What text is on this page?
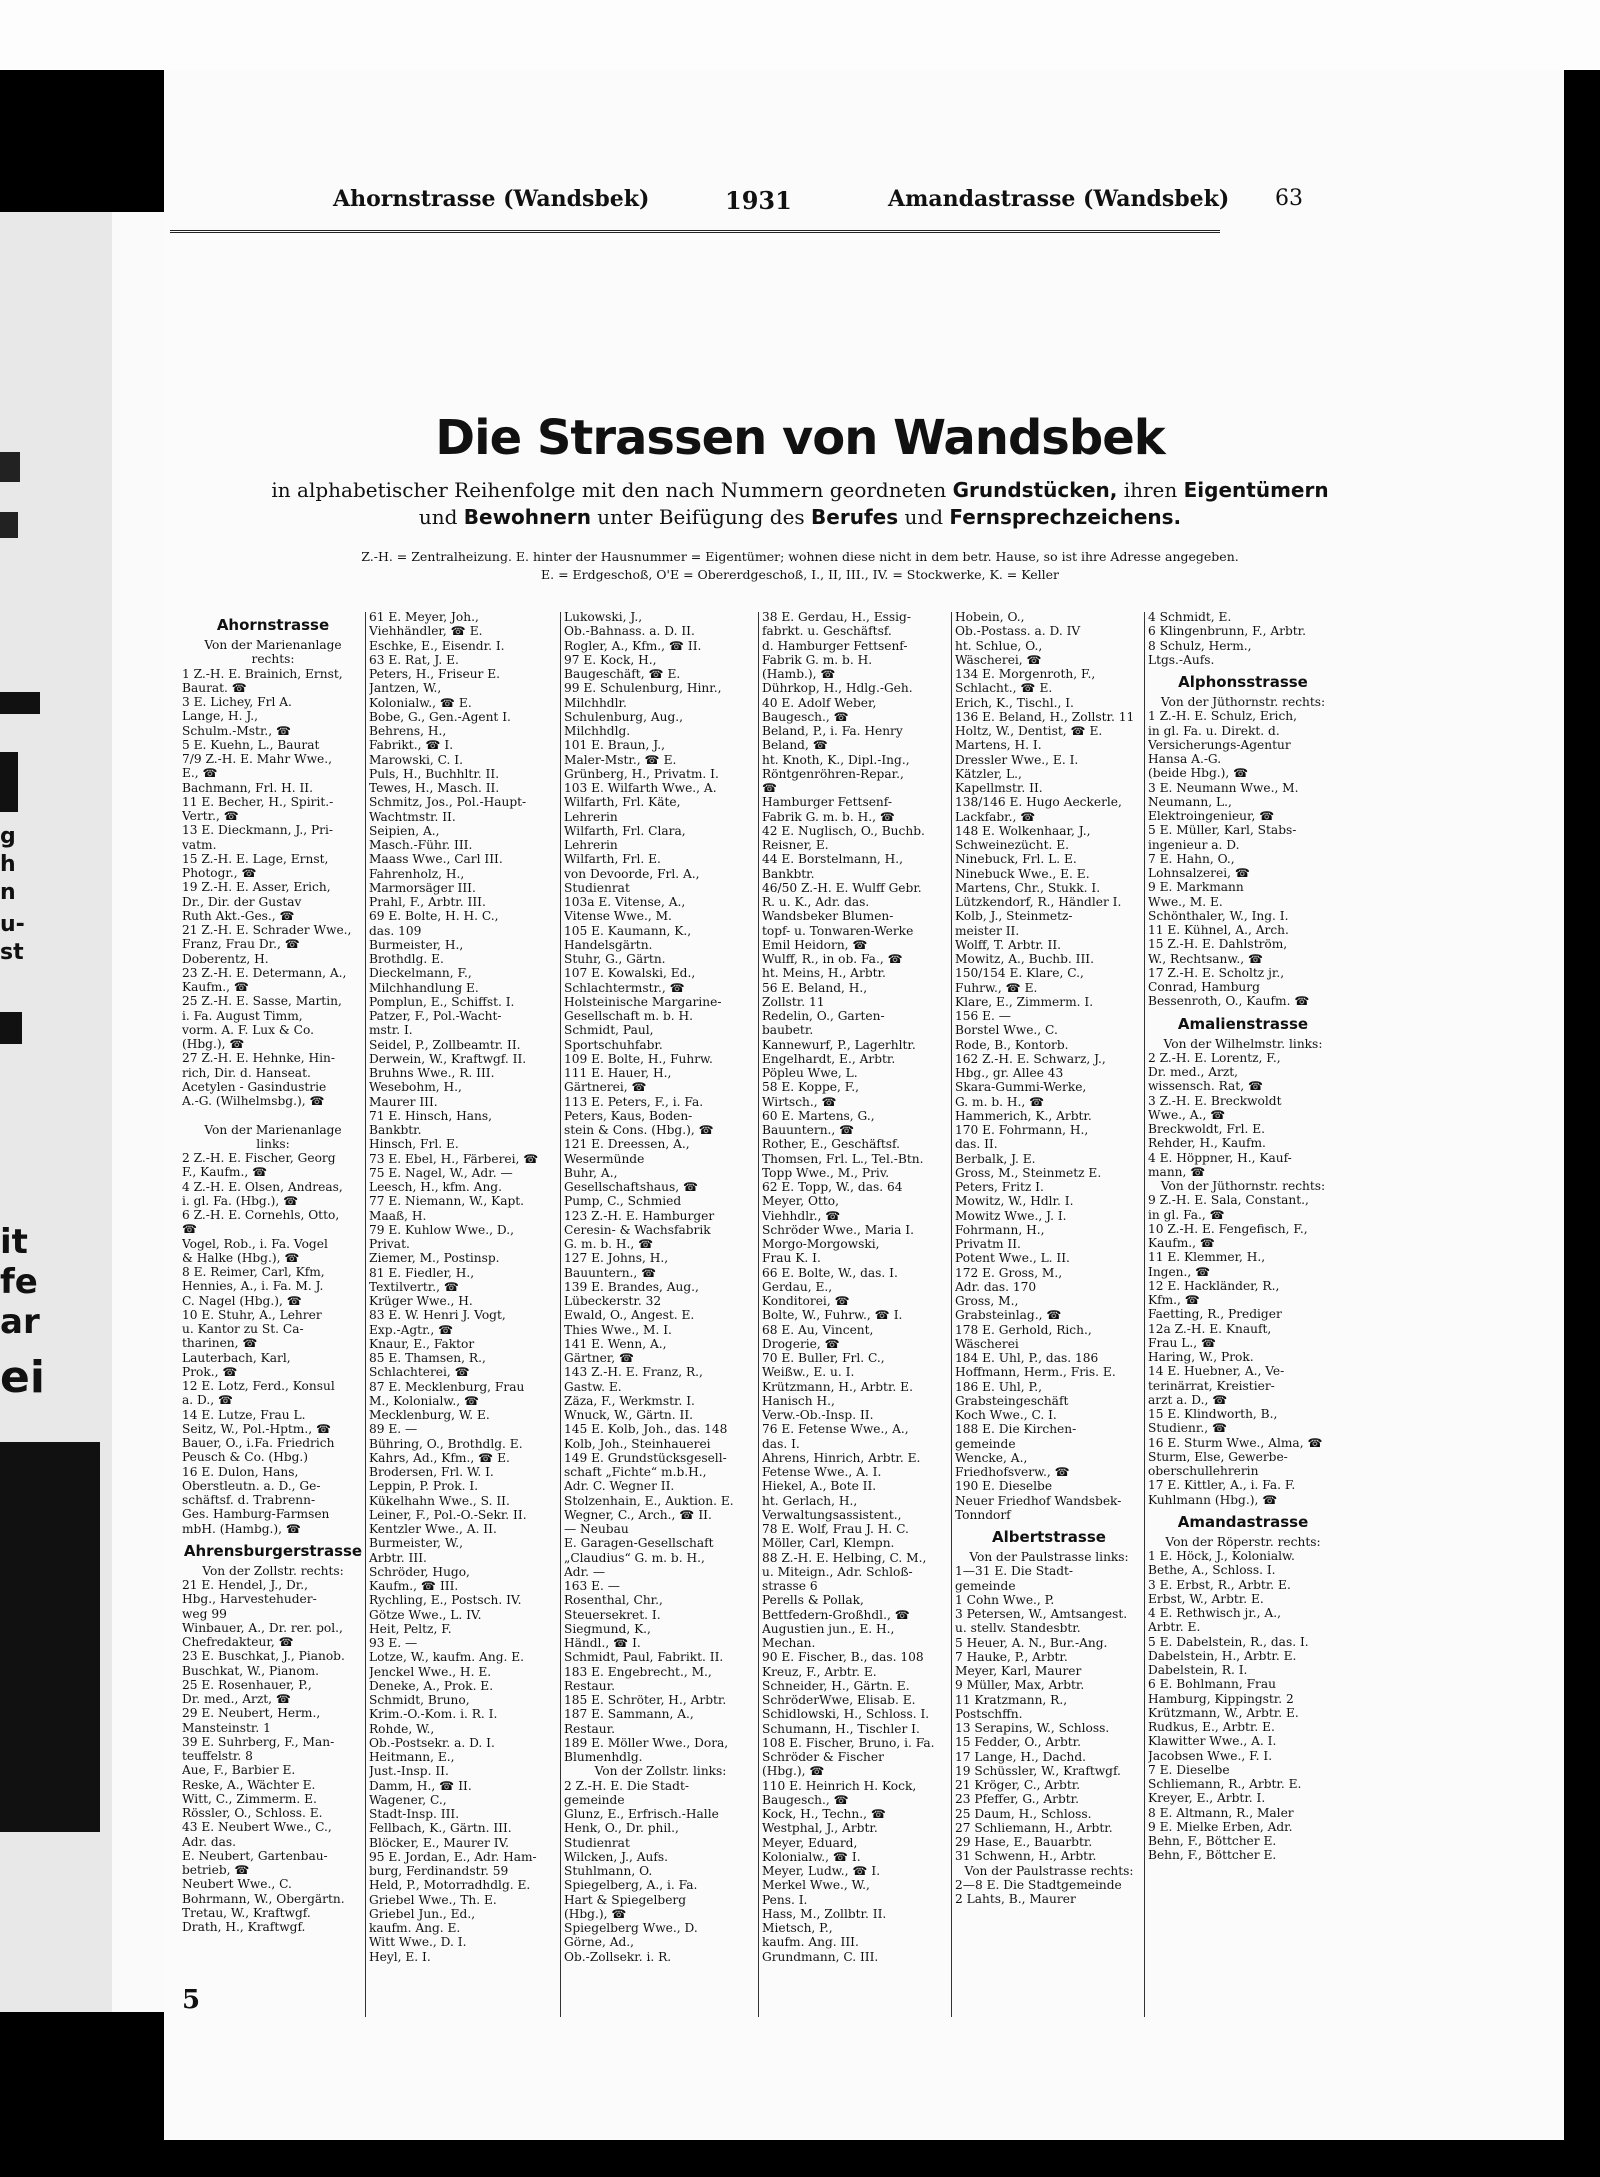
it
fe
ar
ei
g
h
n
u-
st
Ahornstrasse (Wandsbek)	1931	Amandastrasse (Wandsbek) 63
Die Strassen von Wandsbek
in alphabetischer Reihenfolge mit den nach Nummern geordneten Grundstücken, ihren Eigentümern
und Bewohnern unter Beifügung des Berufes und Fernsprechzeichens.
Z.-H. = Zentralheizung. E. hinter der Hausnummer = Eigentümer; wohnen diese nicht in dem betr. Hause, so ist ihre Adresse angegeben.
E. = Erdgeschoß, O'E = Obererdgeschoß, I., II, III., IV. = Stockwerke, K. = Keller
Ahornstrasse
Von der Marienanlage
rechts:
1 Z.-H. E. Brainich, Ernst,
Baurat. ☎
3 E. Lichey, Frl A.
Lange, H. J.,
Schulm.-Mstr., ☎
5 E. Kuehn, L., Baurat
7/9 Z.-H. E. Mahr Wwe.,
E., ☎
Bachmann, Frl. H. II.
11 E. Becher, H., Spirit.-
Vertr., ☎
13 E. Dieckmann, J., Pri-
vatm.
15 Z.-H. E. Lage, Ernst,
Photogr., ☎
19 Z.-H. E. Asser, Erich,
Dr., Dir. der Gustav
Ruth Akt.-Ges., ☎
21 Z.-H. E. Schrader Wwe.,
Franz, Frau Dr., ☎
Doberentz, H.
23 Z.-H. E. Determann, A.,
Kaufm., ☎
25 Z.-H. E. Sasse, Martin,
i. Fa. August Timm,
vorm. A. F. Lux & Co.
(Hbg.), ☎
27 Z.-H. E. Hehnke, Hin-
rich, Dir. d. Hanseat.
Acetylen - Gasindustrie
A.-G. (Wilhelmsbg.), ☎

Von der Marienanlage
links:
2 Z.-H. E. Fischer, Georg
F., Kaufm., ☎
4 Z.-H. E. Olsen, Andreas,
i. gl. Fa. (Hbg.), ☎
6 Z.-H. E. Cornehls, Otto,
☎
Vogel, Rob., i. Fa. Vogel
& Halke (Hbg.), ☎
8 E. Reimer, Carl, Kfm,
Hennies, A., i. Fa. M. J.
C. Nagel (Hbg.), ☎
10 E. Stuhr, A., Lehrer
u. Kantor zu St. Ca-
tharinen, ☎
Lauterbach, Karl,
Prok., ☎
12 E. Lotz, Ferd., Konsul
a. D., ☎
14 E. Lutze, Frau L.
Seitz, W., Pol.-Hptm., ☎
Bauer, O., i.Fa. Friedrich
Peusch & Co. (Hbg.)
16 E. Dulon, Hans,
Oberstleutn. a. D., Ge-
schäftsf. d. Trabrenn-
Ges. Hamburg-Farmsen
mbH. (Hambg.), ☎
Ahrensburgerstrasse
Von der Zollstr. rechts:
21 E. Hendel, J., Dr.,
Hbg., Harvestehuder-
weg 99
Winbauer, A., Dr. rer. pol.,
Chefredakteur, ☎
23 E. Buschkat, J., Pianob.
Buschkat, W., Pianom.
25 E. Rosenhauer, P.,
Dr. med., Arzt, ☎
29 E. Neubert, Herm.,
Mansteinstr. 1
39 E. Suhrberg, F., Man-
teuffelstr. 8
Aue, F., Barbier E.
Reske, A., Wächter E.
Witt, C., Zimmerm. E.
Rössler, O., Schloss. E.
43 E. Neubert Wwe., C.,
Adr. das.
E. Neubert, Gartenbau-
betrieb, ☎
Neubert Wwe., C.
Bohrmann, W., Obergärtn.
Tretau, W., Kraftwgf.
Drath, H., Kraftwgf.
61 E. Meyer, Joh.,
Viehhändler, ☎ E.
Eschke, E., Eisendr. I.
63 E. Rat, J. E.
Peters, H., Friseur E.
Jantzen, W.,
Kolonialw., ☎ E.
Bobe, G., Gen.-Agent I.
Behrens, H.,
Fabrikt., ☎ I.
Marowski, C. I.
Puls, H., Buchhltr. II.
Tewes, H., Masch. II.
Schmitz, Jos., Pol.-Haupt-
Wachtmstr. II.
Seipien, A.,
Masch.-Führ. III.
Maass Wwe., Carl III.
Fahrenholz, H.,
Marmorsäger III.
Prahl, F., Arbtr. III.
69 E. Bolte, H. H. C.,
das. 109
Burmeister, H.,
Brothdlg. E.
Dieckelmann, F.,
Milchhandlung E.
Pomplun, E., Schiffst. I.
Patzer, F., Pol.-Wacht-
mstr. I.
Seidel, P., Zollbeamtr. II.
Derwein, W., Kraftwgf. II.
Bruhns Wwe., R. III.
Wesebohm, H.,
Maurer III.
71 E. Hinsch, Hans,
Bankbtr.
Hinsch, Frl. E.
73 E. Ebel, H., Färberei, ☎
75 E. Nagel, W., Adr. —
Leesch, H., kfm. Ang.
77 E. Niemann, W., Kapt.
Maaß, H.
79 E. Kuhlow Wwe., D.,
Privat.
Ziemer, M., Postinsp.
81 E. Fiedler, H.,
Textilvertr., ☎
Krüger Wwe., H.
83 E. W. Henri J. Vogt,
Exp.-Agtr., ☎
Knaur, E., Faktor
85 E. Thamsen, R.,
Schlachterei, ☎
87 E. Mecklenburg, Frau
M., Kolonialw., ☎
Mecklenburg, W. E.
89 E. —
Bühring, O., Brothdlg. E.
Kahrs, Ad., Kfm., ☎ E.
Brodersen, Frl. W. I.
Leppin, P. Prok. I.
Kükelhahn Wwe., S. II.
Leiner, F., Pol.-O.-Sekr. II.
Kentzler Wwe., A. II.
Burmeister, W.,
Arbtr. III.
Schröder, Hugo,
Kaufm., ☎ III.
Rychling, E., Postsch. IV.
Götze Wwe., L. IV.
Heit, Peltz, F.
93 E. —
Lotze, W., kaufm. Ang. E.
Jenckel Wwe., H. E.
Deneke, A., Prok. E.
Schmidt, Bruno,
Krim.-O.-Kom. i. R. I.
Rohde, W.,
Ob.-Postsekr. a. D. I.
Heitmann, E.,
Just.-Insp. II.
Damm, H., ☎ II.
Wagener, C.,
Stadt-Insp. III.
Fellbach, K., Gärtn. III.
Blöcker, E., Maurer IV.
95 E. Jordan, E., Adr. Ham-
burg, Ferdinandstr. 59
Held, P., Motorradhdlg. E.
Griebel Wwe., Th. E.
Griebel Jun., Ed.,
kaufm. Ang. E.
Witt Wwe., D. I.
Heyl, E. I.
Lukowski, J.,
Ob.-Bahnass. a. D. II.
Rogler, A., Kfm., ☎ II.
97 E. Kock, H.,
Baugeschäft, ☎ E.
99 E. Schulenburg, Hinr.,
Milchhdlr.
Schulenburg, Aug.,
Milchhdlg.
101 E. Braun, J.,
Maler-Mstr., ☎ E.
Grünberg, H., Privatm. I.
103 E. Wilfarth Wwe., A.
Wilfarth, Frl. Käte,
Lehrerin
Wilfarth, Frl. Clara,
Lehrerin
Wilfarth, Frl. E.
von Devoorde, Frl. A.,
Studienrat
103a E. Vitense, A.,
Vitense Wwe., M.
105 E. Kaumann, K.,
Handelsgärtn.
Stuhr, G., Gärtn.
107 E. Kowalski, Ed.,
Schlachtermstr., ☎
Holsteinische Margarine-
Gesellschaft m. b. H.
Schmidt, Paul,
Sportschuhfabr.
109 E. Bolte, H., Fuhrw.
111 E. Hauer, H.,
Gärtnerei, ☎
113 E. Peters, F., i. Fa.
Peters, Kaus, Boden-
stein & Cons. (Hbg.), ☎
121 E. Dreessen, A.,
Wesermünde
Buhr, A.,
Gesellschaftshaus, ☎
Pump, C., Schmied
123 Z.-H. E. Hamburger
Ceresin- & Wachsfabrik
G. m. b. H., ☎
127 E. Johns, H.,
Bauuntern., ☎
139 E. Brandes, Aug.,
Lübeckerstr. 32
Ewald, O., Angest. E.
Thies Wwe., M. I.
141 E. Wenn, A.,
Gärtner, ☎
143 Z.-H. E. Franz, R.,
Gastw. E.
Zäza, F., Werkmstr. I.
Wnuck, W., Gärtn. II.
145 E. Kolb, Joh., das. 148
Kolb, Joh., Steinhauerei
149 E. Grundstücksgesell-
schaft „Fichte“ m.b.H.,
Adr. C. Wegner II.
Stolzenhain, E., Auktion. E.
Wegner, C., Arch., ☎ II.
— Neubau
E. Garagen-Gesellschaft
„Claudius“ G. m. b. H.,
Adr. —
163 E. —
Rosenthal, Chr.,
Steuersekret. I.
Siegmund, K.,
Händl., ☎ I.
Schmidt, Paul, Fabrikt. II.
183 E. Engebrecht., M.,
Restaur.
185 E. Schröter, H., Arbtr.
187 E. Sammann, A.,
Restaur.
189 E. Möller Wwe., Dora,
Blumenhdlg.
Von der Zollstr. links:
2 Z.-H. E. Die Stadt-
gemeinde
Glunz, E., Erfrisch.-Halle
Henk, O., Dr. phil.,
Studienrat
Wilcken, J., Aufs.
Stuhlmann, O.
Spiegelberg, A., i. Fa.
Hart & Spiegelberg
(Hbg.), ☎
Spiegelberg Wwe., D.
Görne, Ad.,
Ob.-Zollsekr. i. R.
38 E. Gerdau, H., Essig-
fabrkt. u. Geschäftsf.
d. Hamburger Fettsenf-
Fabrik G. m. b. H.
(Hamb.), ☎
Dührkop, H., Hdlg.-Geh.
40 E. Adolf Weber,
Baugesch., ☎
Beland, P., i. Fa. Henry
Beland, ☎
ht. Knoth, K., Dipl.-Ing.,
Röntgenröhren-Repar.,
☎
Hamburger Fettsenf-
Fabrik G. m. b. H., ☎
42 E. Nuglisch, O., Buchb.
Reisner, E.
44 E. Borstelmann, H.,
Bankbtr.
46/50 Z.-H. E. Wulff Gebr.
R. u. K., Adr. das.
Wandsbeker Blumen-
topf- u. Tonwaren-Werke
Emil Heidorn, ☎
Wulff, R., in ob. Fa., ☎
ht. Meins, H., Arbtr.
56 E. Beland, H.,
Zollstr. 11
Redelin, O., Garten-
baubetr.
Kannewurf, P., Lagerhltr.
Engelhardt, E., Arbtr.
Pöpleu Wwe, L.
58 E. Koppe, F.,
Wirtsch., ☎
60 E. Martens, G.,
Bauuntern., ☎
Rother, E., Geschäftsf.
Thomsen, Frl. L., Tel.-Btn.
Topp Wwe., M., Priv.
62 E. Topp, W., das. 64
Meyer, Otto,
Viehhdlr., ☎
Schröder Wwe., Maria I.
Morgo-Morgowski,
Frau K. I.
66 E. Bolte, W., das. I.
Gerdau, E.,
Konditorei, ☎
Bolte, W., Fuhrw., ☎ I.
68 E. Au, Vincent,
Drogerie, ☎
70 E. Buller, Frl. C.,
Weißw., E. u. I.
Krützmann, H., Arbtr. E.
Hanisch H.,
Verw.-Ob.-Insp. II.
76 E. Fetense Wwe., A.,
das. I.
Ahrens, Hinrich, Arbtr. E.
Fetense Wwe., A. I.
Hiekel, A., Bote II.
ht. Gerlach, H.,
Verwaltungsassistent.,
78 E. Wolf, Frau J. H. C.
Möller, Carl, Klempn.
88 Z.-H. E. Helbing, C. M.,
u. Miteign., Adr. Schloß-
strasse 6
Perells & Pollak,
Bettfedern-Großhdl., ☎
Augustien jun., E. H.,
Mechan.
90 E. Fischer, B., das. 108
Kreuz, F., Arbtr. E.
Schneider, H., Gärtn. E.
SchröderWwe, Elisab. E.
Schidlowski, H., Schloss. I.
Schumann, H., Tischler I.
108 E. Fischer, Bruno, i. Fa.
Schröder & Fischer
(Hbg.), ☎
110 E. Heinrich H. Kock,
Baugesch., ☎
Kock, H., Techn., ☎
Westphal, J., Arbtr.
Meyer, Eduard,
Kolonialw., ☎ I.
Meyer, Ludw., ☎ I.
Merkel Wwe., W.,
Pens. I.
Hass, M., Zollbtr. II.
Mietsch, P.,
kaufm. Ang. III.
Grundmann, C. III.
Hobein, O.,
Ob.-Postass. a. D. IV
ht. Schlue, O.,
Wäscherei, ☎
134 E. Morgenroth, F.,
Schlacht., ☎ E.
Erich, K., Tischl., I.
136 E. Beland, H., Zollstr. 11
Holtz, W., Dentist, ☎ E.
Martens, H. I.
Dressler Wwe., E. I.
Kätzler, L.,
Kapellmstr. II.
138/146 E. Hugo Aeckerle,
Lackfabr., ☎
148 E. Wolkenhaar, J.,
Schweinezücht. E.
Ninebuck, Frl. L. E.
Ninebuck Wwe., E. E.
Martens, Chr., Stukk. I.
Lützkendorf, R., Händler I.
Kolb, J., Steinmetz-
meister II.
Wolff, T. Arbtr. II.
Mowitz, A., Buchb. III.
150/154 E. Klare, C.,
Fuhrw., ☎ E.
Klare, E., Zimmerm. I.
156 E. —
Borstel Wwe., C.
Rode, B., Kontorb.
162 Z.-H. E. Schwarz, J.,
Hbg., gr. Allee 43
Skara-Gummi-Werke,
G. m. b. H., ☎
Hammerich, K., Arbtr.
170 E. Fohrmann, H.,
das. II.
Berbalk, J. E.
Gross, M., Steinmetz E.
Peters, Fritz I.
Mowitz, W., Hdlr. I.
Mowitz Wwe., J. I.
Fohrmann, H.,
Privatm II.
Potent Wwe., L. II.
172 E. Gross, M.,
Adr. das. 170
Gross, M.,
Grabsteinlag., ☎
178 E. Gerhold, Rich.,
Wäscherei
184 E. Uhl, P., das. 186
Hoffmann, Herm., Fris. E.
186 E. Uhl, P.,
Grabsteingeschäft
Koch Wwe., C. I.
188 E. Die Kirchen-
gemeinde
Wencke, A.,
Friedhofsverw., ☎
190 E. Dieselbe
Neuer Friedhof Wandsbek-
Tonndorf
Albertstrasse
Von der Paulstrasse links:
1—31 E. Die Stadt-
gemeinde
1 Cohn Wwe., P.
3 Petersen, W., Amtsangest.
u. stellv. Standesbtr.
5 Heuer, A. N., Bur.-Ang.
7 Hauke, P., Arbtr.
Meyer, Karl, Maurer
9 Müller, Max, Arbtr.
11 Kratzmann, R.,
Postschffn.
13 Serapins, W., Schloss.
15 Fedder, O., Arbtr.
17 Lange, H., Dachd.
19 Schüssler, W., Kraftwgf.
21 Kröger, C., Arbtr.
23 Pfeffer, G., Arbtr.
25 Daum, H., Schloss.
27 Schliemann, H., Arbtr.
29 Hase, E., Bauarbtr.
31 Schwenn, H., Arbtr.
Von der Paulstrasse rechts:
2—8 E. Die Stadtgemeinde
2 Lahts, B., Maurer
4 Schmidt, E.
6 Klingenbrunn, F., Arbtr.
8 Schulz, Herm.,
Ltgs.-Aufs.
Alphonsstrasse
Von der Jüthornstr. rechts:
1 Z.-H. E. Schulz, Erich,
in gl. Fa. u. Direkt. d.
Versicherungs-Agentur
Hansa A.-G.
(beide Hbg.), ☎
3 E. Neumann Wwe., M.
Neumann, L.,
Elektroingenieur, ☎
5 E. Müller, Karl, Stabs-
ingenieur a. D.
7 E. Hahn, O.,
Lohnsalzerei, ☎
9 E. Markmann
Wwe., M. E.
Schönthaler, W., Ing. I.
11 E. Kühnel, A., Arch.
15 Z.-H. E. Dahlström,
W., Rechtsanw., ☎
17 Z.-H. E. Scholtz jr.,
Conrad, Hamburg
Bessenroth, O., Kaufm. ☎
Amalienstrasse
Von der Wilhelmstr. links:
2 Z.-H. E. Lorentz, F.,
Dr. med., Arzt,
wissensch. Rat, ☎
3 Z.-H. E. Breckwoldt
Wwe., A., ☎
Breckwoldt, Frl. E.
Rehder, H., Kaufm.
4 E. Höppner, H., Kauf-
mann, ☎
Von der Jüthornstr. rechts:
9 Z.-H. E. Sala, Constant.,
in gl. Fa., ☎
10 Z.-H. E. Fengefisch, F.,
Kaufm., ☎
11 E. Klemmer, H.,
Ingen., ☎
12 E. Hackländer, R.,
Kfm., ☎
Faetting, R., Prediger
12a Z.-H. E. Knauft,
Frau L., ☎
Haring, W., Prok.
14 E. Huebner, A., Ve-
terinärrat, Kreistier-
arzt a. D., ☎
15 E. Klindworth, B.,
Studienr., ☎
16 E. Sturm Wwe., Alma, ☎
Sturm, Else, Gewerbe-
oberschullehrerin
17 E. Kittler, A., i. Fa. F.
Kuhlmann (Hbg.), ☎
Amandastrasse
Von der Röperstr. rechts:
1 E. Höck, J., Kolonialw.
Bethe, A., Schloss. I.
3 E. Erbst, R., Arbtr. E.
Erbst, W., Arbtr. E.
4 E. Rethwisch jr., A.,
Arbtr. E.
5 E. Dabelstein, R., das. I.
Dabelstein, H., Arbtr. E.
Dabelstein, R. I.
6 E. Bohlmann, Frau
Hamburg, Kippingstr. 2
Krützmann, W., Arbtr. E.
Rudkus, E., Arbtr. E.
Klawitter Wwe., A. I.
Jacobsen Wwe., F. I.
7 E. Dieselbe
Schliemann, R., Arbtr. E.
Kreyer, E., Arbtr. I.
8 E. Altmann, R., Maler
9 E. Mielke Erben, Adr.
Behn, F., Böttcher E.
Behn, F., Böttcher E.
5
